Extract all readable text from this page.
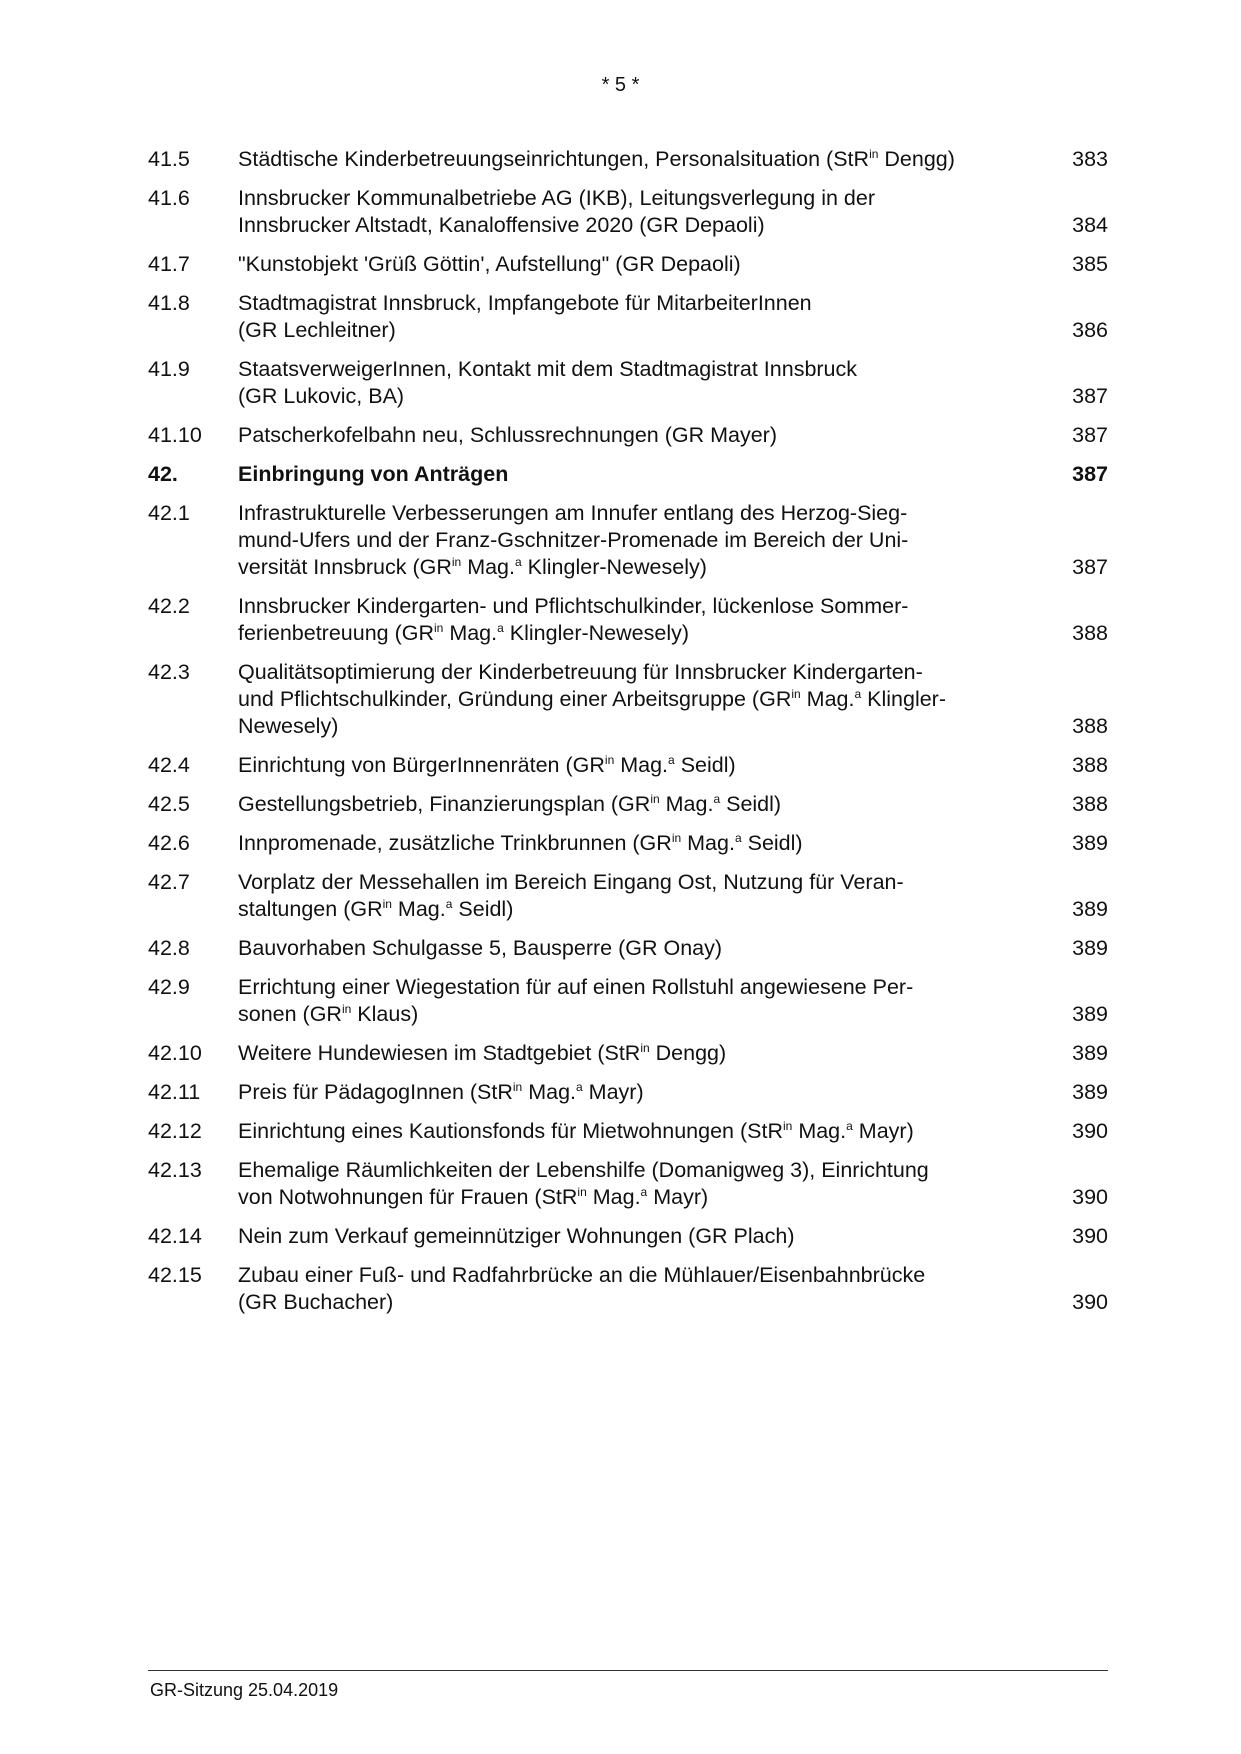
* 5 *
41.5	Städtische Kinderbetreuungseinrichtungen, Personalsituation (StR$^{in}$ Dengg)	383
41.6	Innsbrucker Kommunalbetriebe AG (IKB), Leitungsverlegung in der
Innsbrucker Altstadt, Kanaloffensive 2020 (GR Depaoli)	384
41.7	"Kunstobjekt 'Grüß Göttin', Aufstellung" (GR Depaoli)	385
41.8	Stadtmagistrat Innsbruck, Impfangebote für MitarbeiterInnen
(GR Lechleitner)	386
41.9	StaatsverweigerInnen, Kontakt mit dem Stadtmagistrat Innsbruck
(GR Lukovic, BA)	387
41.10	Patscherkofelbahn neu, Schlussrechnungen (GR Mayer)	387
42.	Einbringung von Anträgen	387
42.1	Infrastrukturelle Verbesserungen am Innufer entlang des Herzog-Sieg-
mund-Ufers und der Franz-Gschnitzer-Promenade im Bereich der Uni-
versität Innsbruck ($GR^{in}$ Mag.$^a$ Klingler-Newesely)	387
42.2	Innsbrucker Kindergarten- und Pflichtschulkinder, lückenlose Sommer-
ferienbetreuung ($GR^{in}$ Mag.$^a$ Klingler-Newesely)	388
42.3	Qualitätsoptimierung der Kinderbetreuung für Innsbrucker Kindergarten-
und Pflichtschulkinder, Gründung einer Arbeitsgruppe ($GR^{in}$ Mag.$^a$ Klingler-
Newesely)	388
42.4	Einrichtung von BürgerInnenräten ($GR^{in}$ Mag.$^a$ Seidl)	388
42.5	Gestellungsbetrieb, Finanzierungsplan ($GR^{in}$ Mag.$^a$ Seidl)	388
42.6	Innpromenade, zusätzliche Trinkbrunnen ($GR^{in}$ Mag.$^a$ Seidl)	389
42.7	Vorplatz der Messehallen im Bereich Eingang Ost, Nutzung für Veran-
staltungen ($GR^{in}$ Mag.$^a$ Seidl)	389
42.8	Bauvorhaben Schulgasse 5, Bausperre (GR Onay)	389
42.9	Errichtung einer Wiegestation für auf einen Rollstuhl angewiesene Per-
sonen ($GR^{in}$ Klaus)	389
42.10	Weitere Hundewiesen im Stadtgebiet (StR$^{in}$ Dengg)	389
42.11	Preis für PädagogInnen (StR$^{in}$ Mag.$^a$ Mayr)	389
42.12	Einrichtung eines Kautionsfonds für Mietwohnungen (StR$^{in}$ Mag.$^a$ Mayr)	390
42.13	Ehemalige Räumlichkeiten der Lebenshilfe (Domanigweg 3), Einrichtung
von Notwohnungen für Frauen (StR$^{in}$ Mag.$^a$ Mayr)	390
42.14	Nein zum Verkauf gemeinnütziger Wohnungen (GR Plach)	390
42.15	Zubau einer Fuß- und Radfahrbrücke an die Mühlauer/Eisenbahnbrücke
(GR Buchacher)	390
GR-Sitzung 25.04.2019
